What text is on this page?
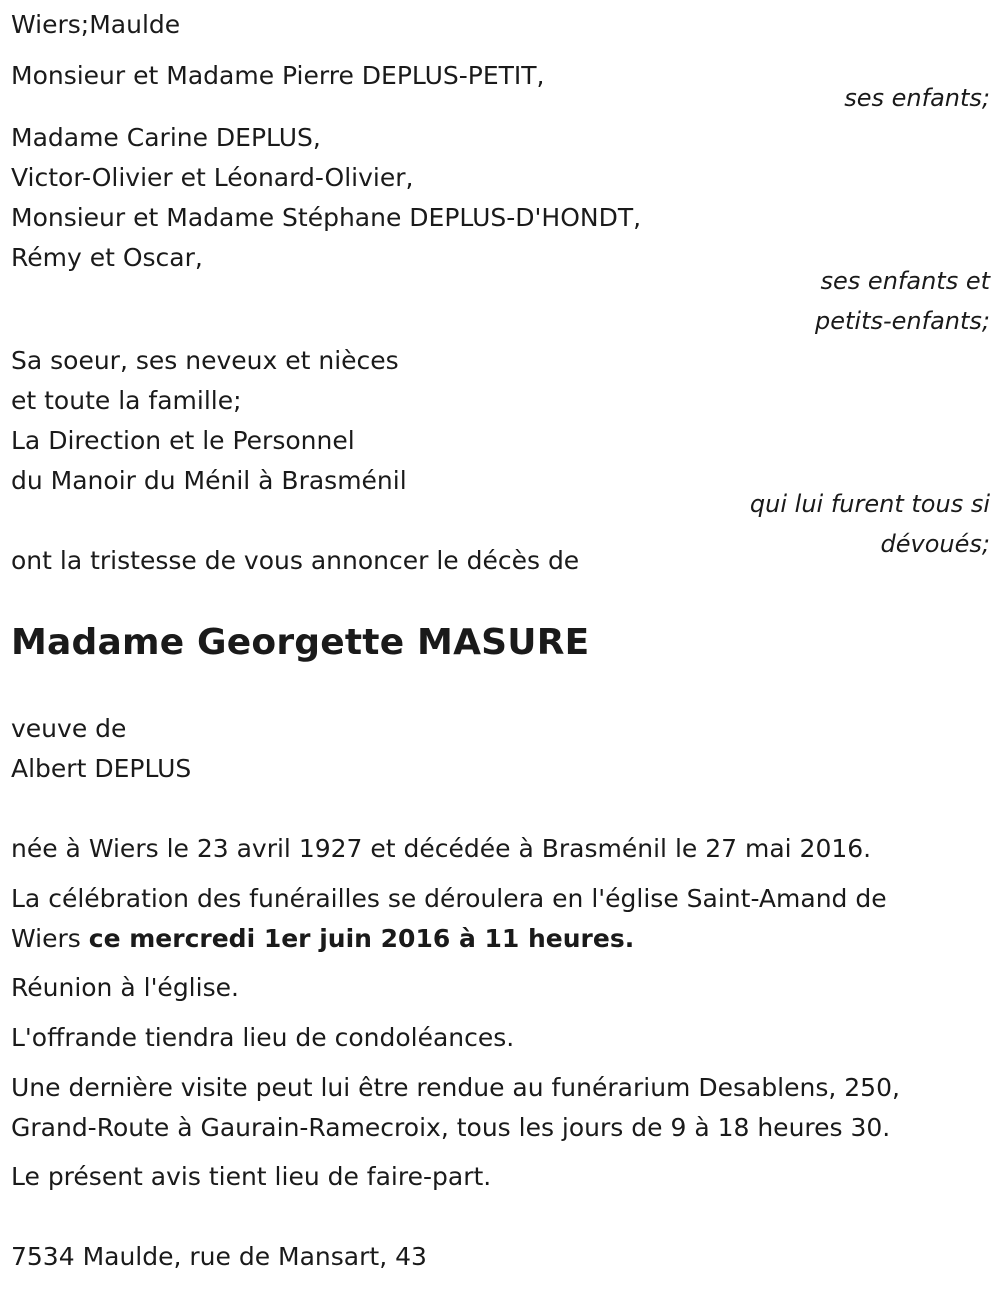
Wiers;Maulde

Monsieur et Madame Pierre DEPLUS-PETIT,

ses enfants;

Madame Carine DEPLUS,

Victor-Olivier et Léonard-Olivier,

Monsieur et Madame Stéphane DEPLUS-D'HONDT,

Rémy et Oscar,

ses enfants et

petits-enfants;

Sa soeur, ses neveux et nièces

et toute la famille;

La Direction et le Personnel

du Manoir du Ménil à Brasménil

qui lui furent tous si

dévoués;

ont la tristesse de vous annoncer le décès de

Madame Georgette MASURE

veuve de

Albert DEPLUS

née à Wiers le 23 avril 1927 et décédée à Brasménil le 27 mai 2016.

La célébration des funérailles se déroulera en l'église Saint-Amand de

Wiers ce mercredi 1er juin 2016 à 11 heures.

Réunion à l'église.

L'offrande tiendra lieu de condoléances.

Une dernière visite peut lui être rendue au funérarium Desablens, 250,

Grand-Route à Gaurain-Ramecroix, tous les jours de 9 à 18 heures 30.

Le présent avis tient lieu de faire-part.

7534 Maulde, rue de Mansart, 43
